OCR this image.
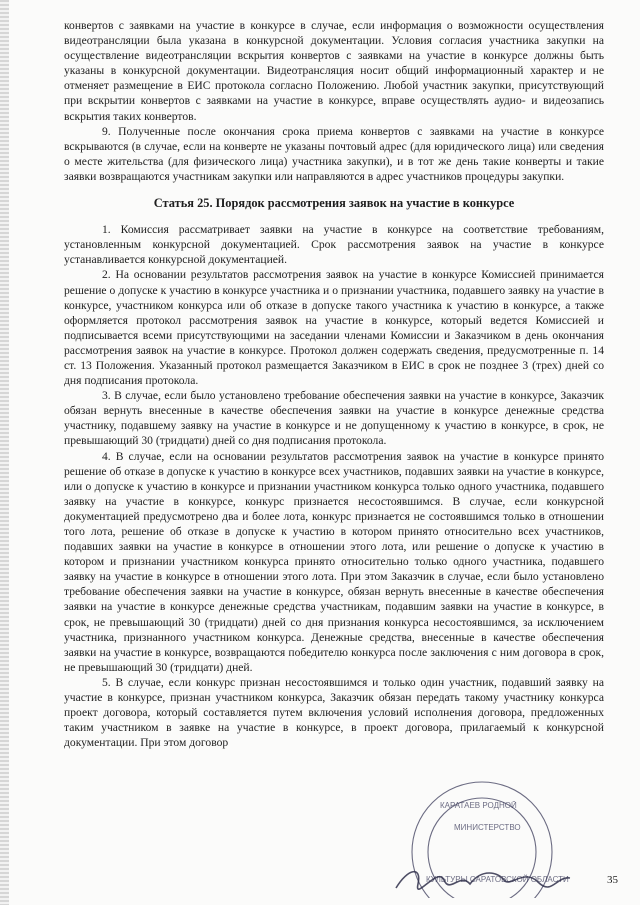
конвертов с заявками на участие в конкурсе в случае, если информация о возможности осуществления видеотрансляции была указана в конкурсной документации. Условия согласия участника закупки на осуществление видеотрансляции вскрытия конвертов с заявками на участие в конкурсе должны быть указаны в конкурсной документации. Видеотрансляция носит общий информационный характер и не отменяет размещение в ЕИС протокола согласно Положению. Любой участник закупки, присутствующий при вскрытии конвертов с заявками на участие в конкурсе, вправе осуществлять аудио- и видеозапись вскрытия таких конвертов.

9. Полученные после окончания срока приема конвертов с заявками на участие в конкурсе вскрываются (в случае, если на конверте не указаны почтовый адрес (для юридического лица) или сведения о месте жительства (для физического лица) участника закупки), и в тот же день такие конверты и такие заявки возвращаются участникам закупки или направляются в адрес участников процедуры закупки.

Статья 25. Порядок рассмотрения заявок на участие в конкурсе

1. Комиссия рассматривает заявки на участие в конкурсе на соответствие требованиям, установленным конкурсной документацией. Срок рассмотрения заявок на участие в конкурсе устанавливается конкурсной документацией.

2. На основании результатов рассмотрения заявок на участие в конкурсе Комиссией принимается решение о допуске к участию в конкурсе участника и о признании участника, подавшего заявку на участие в конкурсе, участником конкурса или об отказе в допуске такого участника к участию в конкурсе, а также оформляется протокол рассмотрения заявок на участие в конкурсе, который ведется Комиссией и подписывается всеми присутствующими на заседании членами Комиссии и Заказчиком в день окончания рассмотрения заявок на участие в конкурсе. Протокол должен содержать сведения, предусмотренные п. 14 ст. 13 Положения. Указанный протокол размещается Заказчиком в ЕИС в срок не позднее 3 (трех) дней со дня подписания протокола.

3. В случае, если было установлено требование обеспечения заявки на участие в конкурсе, Заказчик обязан вернуть внесенные в качестве обеспечения заявки на участие в конкурсе денежные средства участнику, подавшему заявку на участие в конкурсе и не допущенному к участию в конкурсе, в срок, не превышающий 30 (тридцати) дней со дня подписания протокола.

4. В случае, если на основании результатов рассмотрения заявок на участие в конкурсе принято решение об отказе в допуске к участию в конкурсе всех участников, подавших заявки на участие в конкурсе, или о допуске к участию в конкурсе и признании участником конкурса только одного участника, подавшего заявку на участие в конкурсе, конкурс признается несостоявшимся. В случае, если конкурсной документацией предусмотрено два и более лота, конкурс признается не состоявшимся только в отношении того лота, решение об отказе в допуске к участию в котором принято относительно всех участников, подавших заявки на участие в конкурсе в отношении этого лота, или решение о допуске к участию в котором и признании участником конкурса принято относительно только одного участника, подавшего заявку на участие в конкурсе в отношении этого лота. При этом Заказчик в случае, если было установлено требование обеспечения заявки на участие в конкурсе, обязан вернуть внесенные в качестве обеспечения заявки на участие в конкурсе денежные средства участникам, подавшим заявки на участие в конкурсе, в срок, не превышающий 30 (тридцати) дней со дня признания конкурса несостоявшимся, за исключением участника, признанного участником конкурса. Денежные средства, внесенные в качестве обеспечения заявки на участие в конкурсе, возвращаются победителю конкурса после заключения с ним договора в срок, не превышающий 30 (тридцати) дней.

5. В случае, если конкурс признан несостоявшимся и только один участник, подавший заявку на участие в конкурсе, признан участником конкурса, Заказчик обязан передать такому участнику конкурса проект договора, который составляется путем включения условий исполнения договора, предложенных таким участником в заявке на участие в конкурсе, в проект договора, прилагаемый к конкурсной документации. При этом договор

КАРАТАЕВ РОДНОЙ
МИНИСТЕРСТВО
КУЛЬТУРЫ САРАТОВСКОЙ ОБЛАСТИ	35
